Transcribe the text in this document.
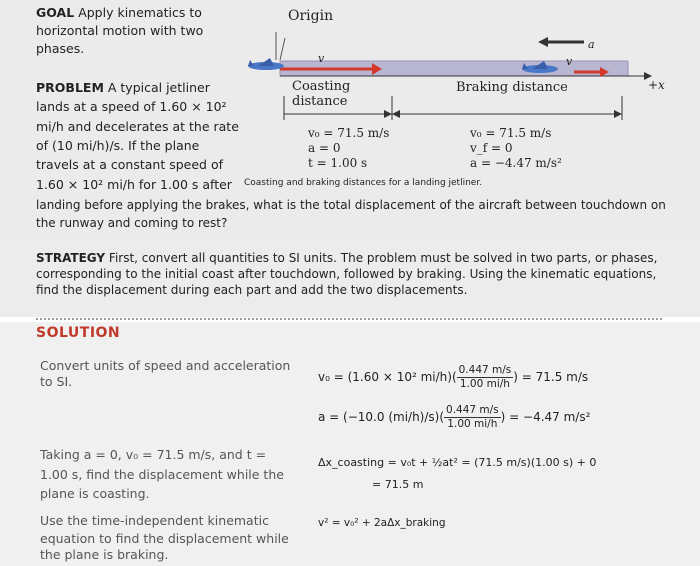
GOAL Apply kinematics to
horizontal motion with two
phases.
Origin
v
a
v
+x
Coasting
distance
Braking distance
v₀ = 71.5 m/s
a = 0
t = 1.00 s
v₀ = 71.5 m/s
v_f = 0
a = −4.47 m/s²
Coasting and braking distances for a landing jetliner.
PROBLEM A typical jetliner
lands at a speed of 1.60 × 10²
mi/h and decelerates at the rate
of (10 mi/h)/s. If the plane
travels at a constant speed of
1.60 × 10² mi/h for 1.00 s after
landing before applying the brakes, what is the total displacement of the aircraft between touchdown on
the runway and coming to rest?
STRATEGY First, convert all quantities to SI units. The problem must be solved in two parts, or phases,
corresponding to the initial coast after touchdown, followed by braking. Using the kinematic equations,
find the displacement during each part and add the two displacements.
SOLUTION
Convert units of speed and acceleration
to SI.	v₀ = (1.60 × 10² $mi/h)( \frac{0.447 m/s}{1.00 mi/h}$ ) = 71.5 m/s
a = (−10.0 $(mi/h)/s)( \frac{0.447 m/s}{1.00 mi/h}$ ) = −4.47 m/s²
Taking a = 0, v₀ = 71.5 m/s, and t =
1.00 s, find the displacement while the
plane is coasting.
Δx_coasting = v₀t + ½at² = (71.5 m/s)(1.00 s) + 0
= 71.5 m
Use the time-independent kinematic
equation to find the displacement while
the plane is braking.
v² = v₀² + 2aΔx_braking
